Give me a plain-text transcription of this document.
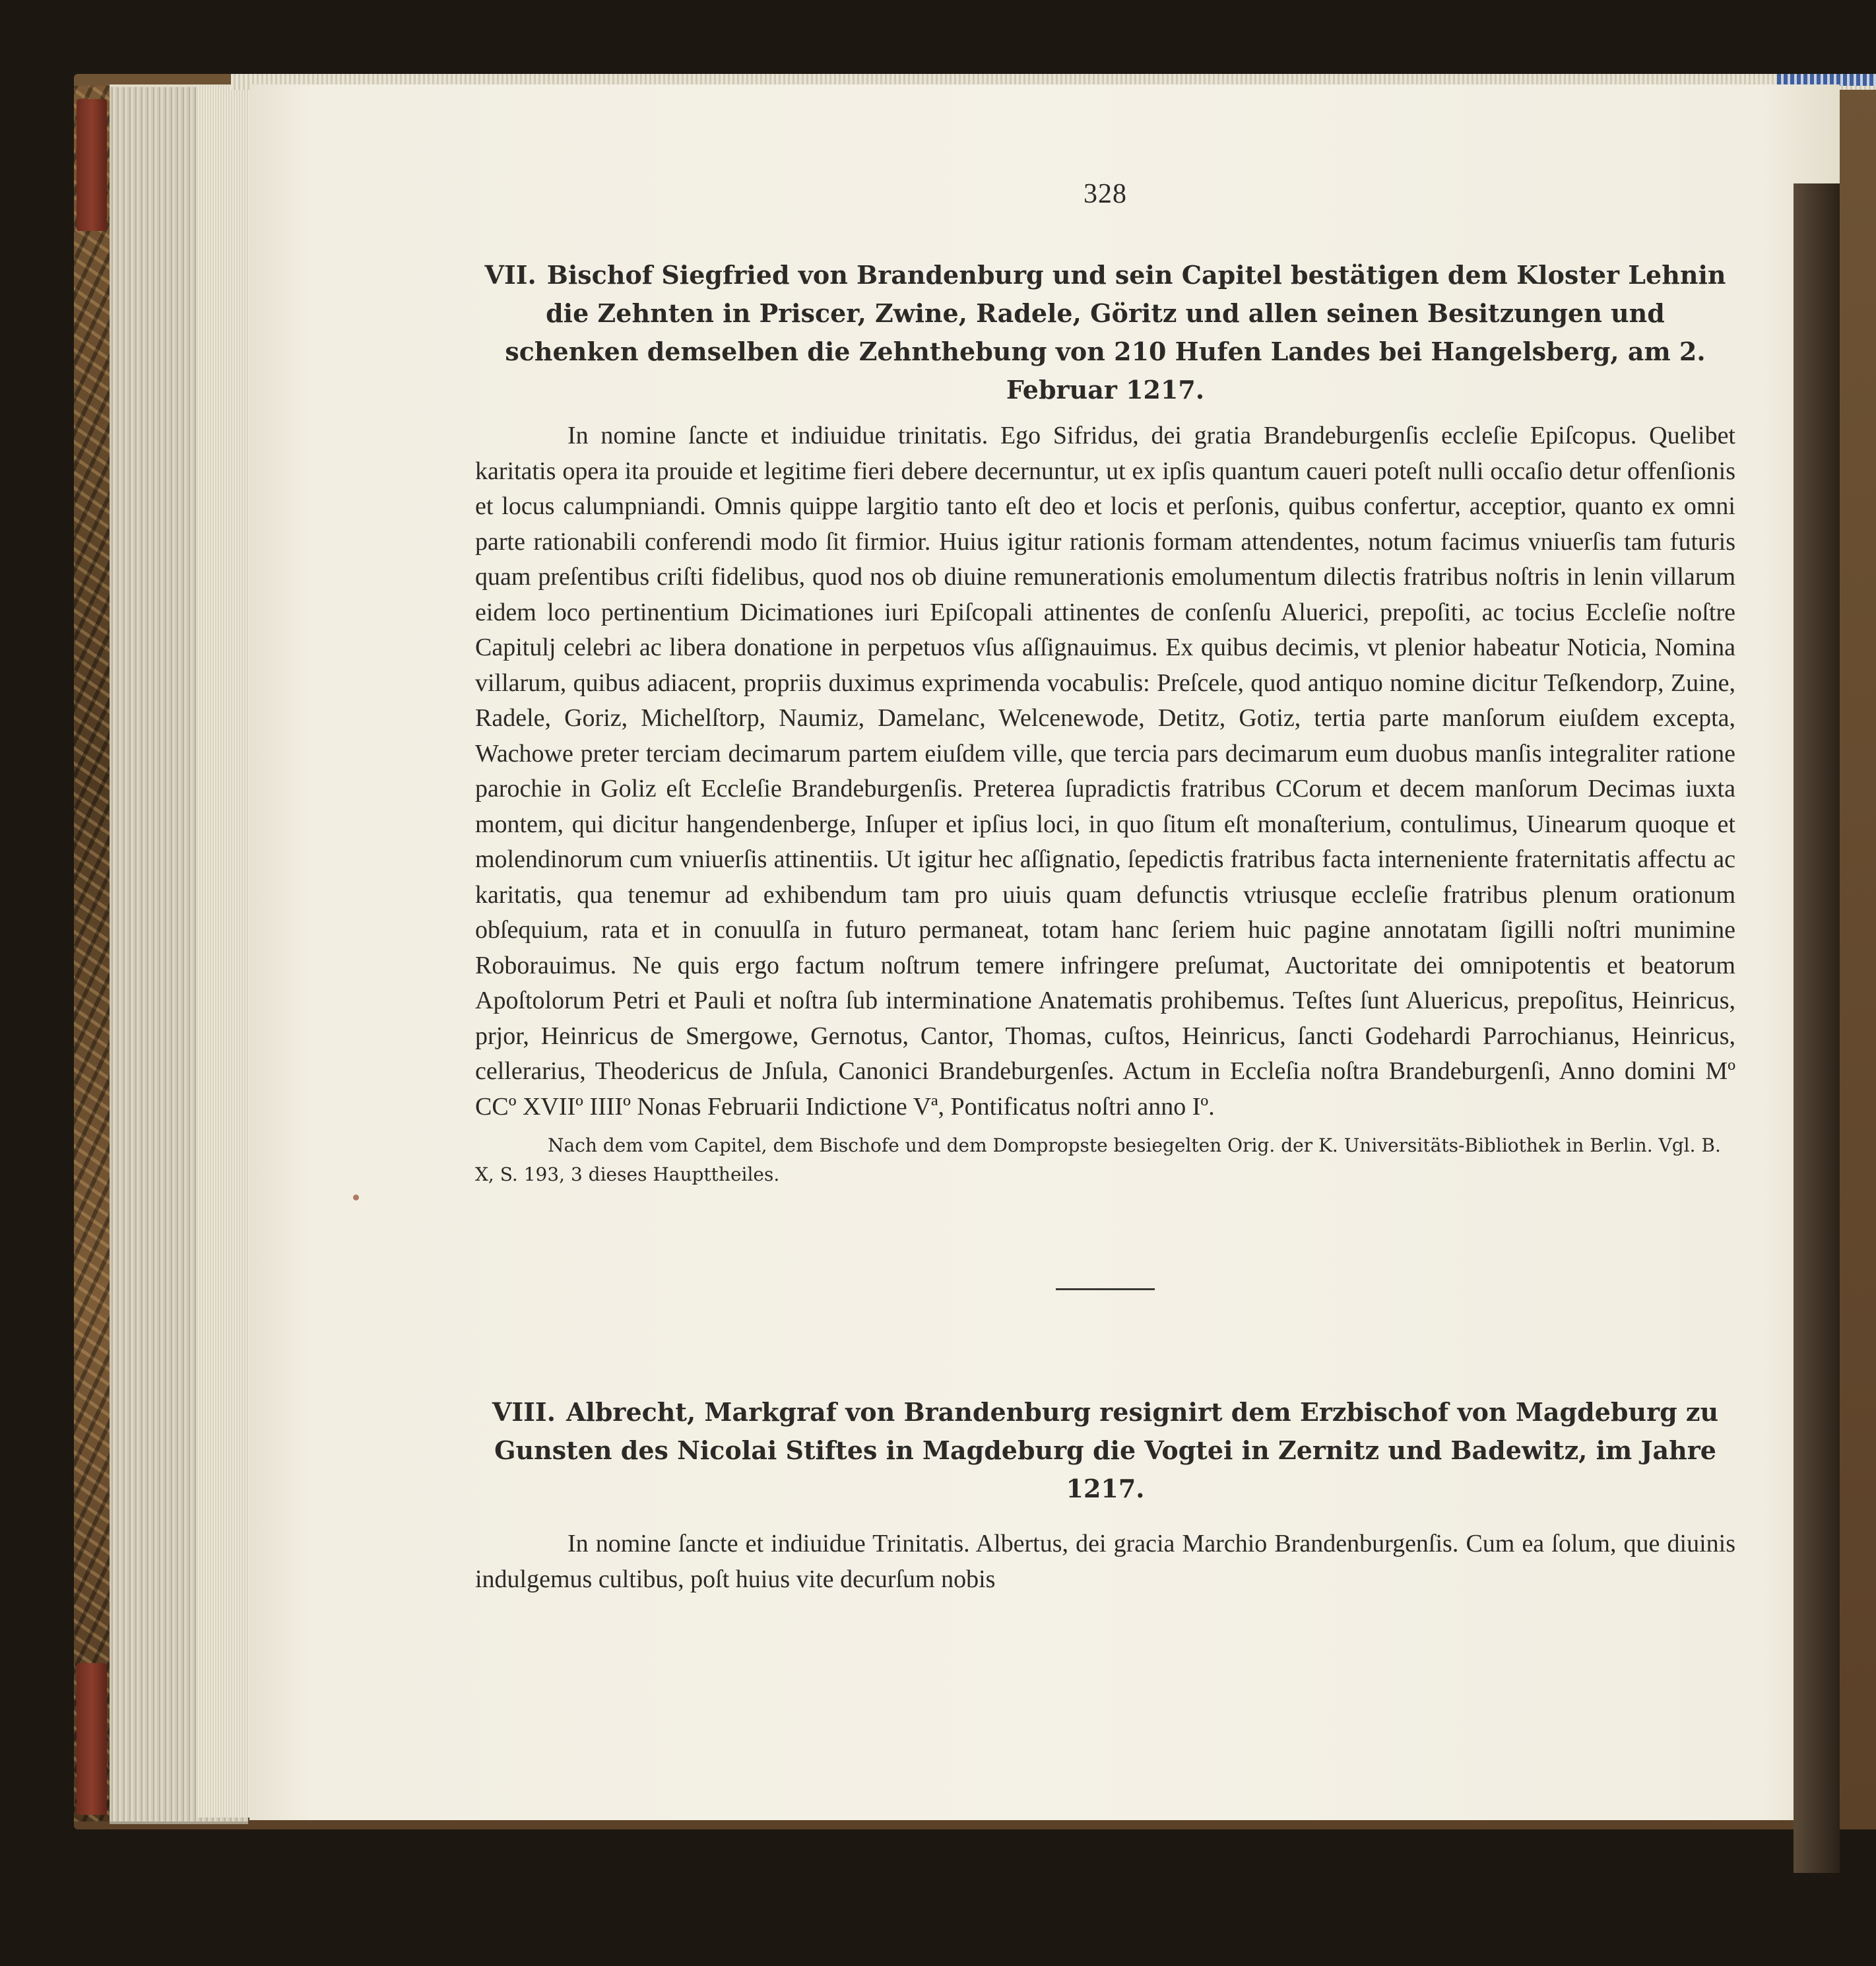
328
VII. Bischof Siegfried von Brandenburg und sein Capitel bestätigen dem Kloster Lehnin die Zehnten in Priscer, Zwine, Radele, Göritz und allen seinen Besitzungen und schenken demselben die Zehnthebung von 210 Hufen Landes bei Hangelsberg, am 2. Februar 1217.

In nomine ſancte et indiuidue trinitatis. Ego Sifridus, dei gratia Brandeburgenſis eccleſie Epiſcopus. Quelibet karitatis opera ita prouide et legitime fieri debere decernuntur, ut ex ipſis quantum caueri poteſt nulli occaſio detur offenſionis et locus calumpniandi. Omnis quippe largitio tanto eſt deo et locis et perſonis, quibus confertur, acceptior, quanto ex omni parte rationabili conferendi modo ſit firmior. Huius igitur rationis formam attendentes, notum facimus vniuerſis tam futuris quam preſentibus criſti fidelibus, quod nos ob diuine remunerationis emolumentum dilectis fratribus noſtris in lenin villarum eidem loco pertinentium Dicimationes iuri Epiſcopali attinentes de conſenſu Aluerici, prepoſiti, ac tocius Eccleſie noſtre Capitulj celebri ac libera donatione in perpetuos vſus aſſignauimus. Ex quibus decimis, vt plenior habeatur Noticia, Nomina villarum, quibus adiacent, propriis duximus exprimenda vocabulis: Preſcele, quod antiquo nomine dicitur Teſkendorp, Zuine, Radele, Goriz, Michelſtorp, Naumiz, Damelanc, Welcenewode, Detitz, Gotiz, tertia parte manſorum eiuſdem excepta, Wachowe preter terciam decimarum partem eiuſdem ville, que tercia pars decimarum eum duobus manſis integraliter ratione parochie in Goliz eſt Eccleſie Brandeburgenſis. Preterea ſupradictis fratribus CCorum et decem manſorum Decimas iuxta montem, qui dicitur hangendenberge, Inſuper et ipſius loci, in quo ſitum eſt monaſterium, contulimus, Uinearum quoque et molendinorum cum vniuerſis attinentiis. Ut igitur hec aſſignatio, ſepedictis fratribus facta interneniente fraternitatis affectu ac karitatis, qua tenemur ad exhibendum tam pro uiuis quam defunctis vtriusque eccleſie fratribus plenum orationum obſequium, rata et in conuulſa in futuro permaneat, totam hanc ſeriem huic pagine annotatam ſigilli noſtri munimine Roborauimus. Ne quis ergo factum noſtrum temere infringere preſumat, Auctoritate dei omnipotentis et beatorum Apoſtolorum Petri et Pauli et noſtra ſub interminatione Anatematis prohibemus. Teſtes ſunt Aluericus, prepoſitus, Heinricus, prjor, Heinricus de Smergowe, Gernotus, Cantor, Thomas, cuſtos, Heinricus, ſancti Godehardi Parrochianus, Heinricus, cellerarius, Theodericus de Jnſula, Canonici Brandeburgenſes. Actum in Eccleſia noſtra Brandeburgenſi, Anno domini Mº CCº XVIIº IIIIº Nonas Februarii Indictione Vª, Pontificatus noſtri anno Iº.

Nach dem vom Capitel, dem Bischofe und dem Dompropste besiegelten Orig. der K. Universitäts-Bibliothek in Berlin. Vgl. B. X, S. 193, 3 dieses Haupttheiles.

VIII. Albrecht, Markgraf von Brandenburg resignirt dem Erzbischof von Magdeburg zu Gunsten des Nicolai Stiftes in Magdeburg die Vogtei in Zernitz und Badewitz, im Jahre 1217.

In nomine ſancte et indiuidue Trinitatis. Albertus, dei gracia Marchio Brandenburgenſis. Cum ea ſolum, que diuinis indulgemus cultibus, poſt huius vite decurſum nobis
